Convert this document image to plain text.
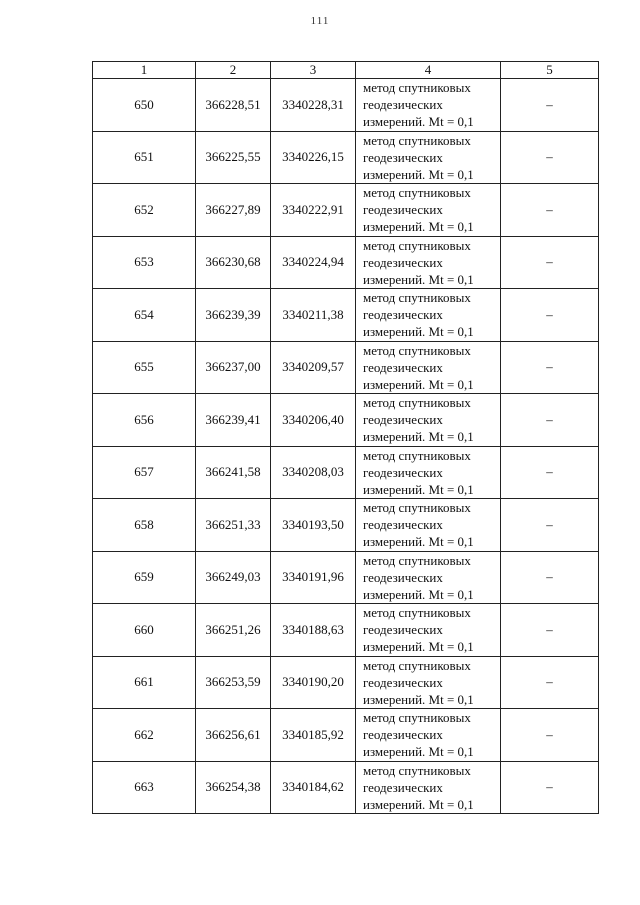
111
1	2	3	4	5
650	366228,51	3340228,31	метод спутниковых
геодезических
измерений. Mt = 0,1	–
651	366225,55	3340226,15	метод спутниковых
геодезических
измерений. Mt = 0,1	–
652	366227,89	3340222,91	метод спутниковых
геодезических
измерений. Mt = 0,1	–
653	366230,68	3340224,94	метод спутниковых
геодезических
измерений. Mt = 0,1	–
654	366239,39	3340211,38	метод спутниковых
геодезических
измерений. Mt = 0,1	–
655	366237,00	3340209,57	метод спутниковых
геодезических
измерений. Mt = 0,1	–
656	366239,41	3340206,40	метод спутниковых
геодезических
измерений. Mt = 0,1	–
657	366241,58	3340208,03	метод спутниковых
геодезических
измерений. Mt = 0,1	–
658	366251,33	3340193,50	метод спутниковых
геодезических
измерений. Mt = 0,1	–
659	366249,03	3340191,96	метод спутниковых
геодезических
измерений. Mt = 0,1	–
660	366251,26	3340188,63	метод спутниковых
геодезических
измерений. Mt = 0,1	–
661	366253,59	3340190,20	метод спутниковых
геодезических
измерений. Mt = 0,1	–
662	366256,61	3340185,92	метод спутниковых
геодезических
измерений. Mt = 0,1	–
663	366254,38	3340184,62	метод спутниковых
геодезических
измерений. Mt = 0,1	–
